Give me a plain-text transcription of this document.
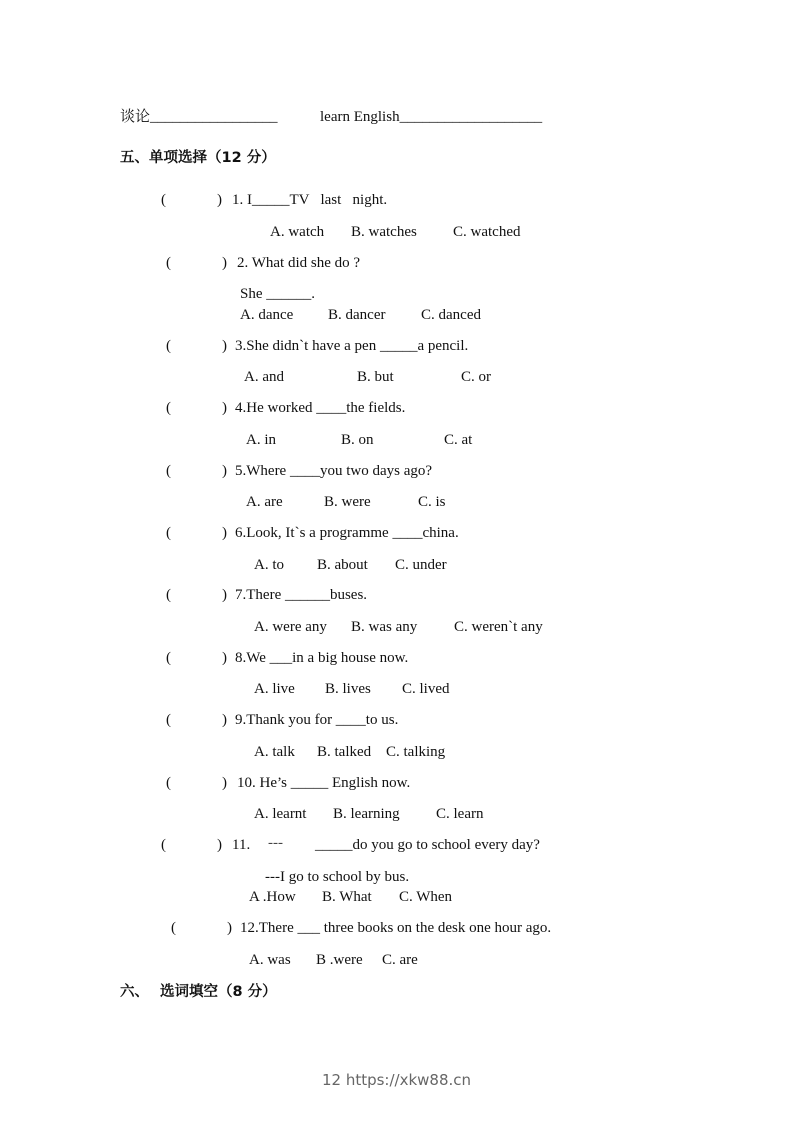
谈论_________________	learn English___________________
五、单项选择（12 分）
(	) 1. I_____TV   last   night.
A. watch B. watches C. watched
(	) 2. What did she do ?
She ______.
A. dance B. dancer C. danced
(	) 3.She didn`t have a pen _____a pencil.
A. and	B. but	C. or
(	) 4.He worked ____the fields.
A. in	B. on	C. at
(	) 5.Where ____you two days ago?
A. are	B. were	C. is
(	) 6.Look, It`s a programme ____china.
A. to B. about C. under
(	) 7.There ______buses.
A. were any B. was any C. weren`t any
(	) 8.We ___in a big house now.
A. live B. lives C. lived
(	) 9.Thank you for ____to us.
A. talk B. talked C. talking
(	) 10. He’s _____ English now.
A. learnt B. learning C. learn
(	) 11. --- _____do you go to school every day?
---I go to school by bus.
A .How B. What C. When
(	) 12.There ___ three books on the desk one hour ago.
A. was B .were C. are
六、 选词填空（8 分）
12 https://xkw88.cn
